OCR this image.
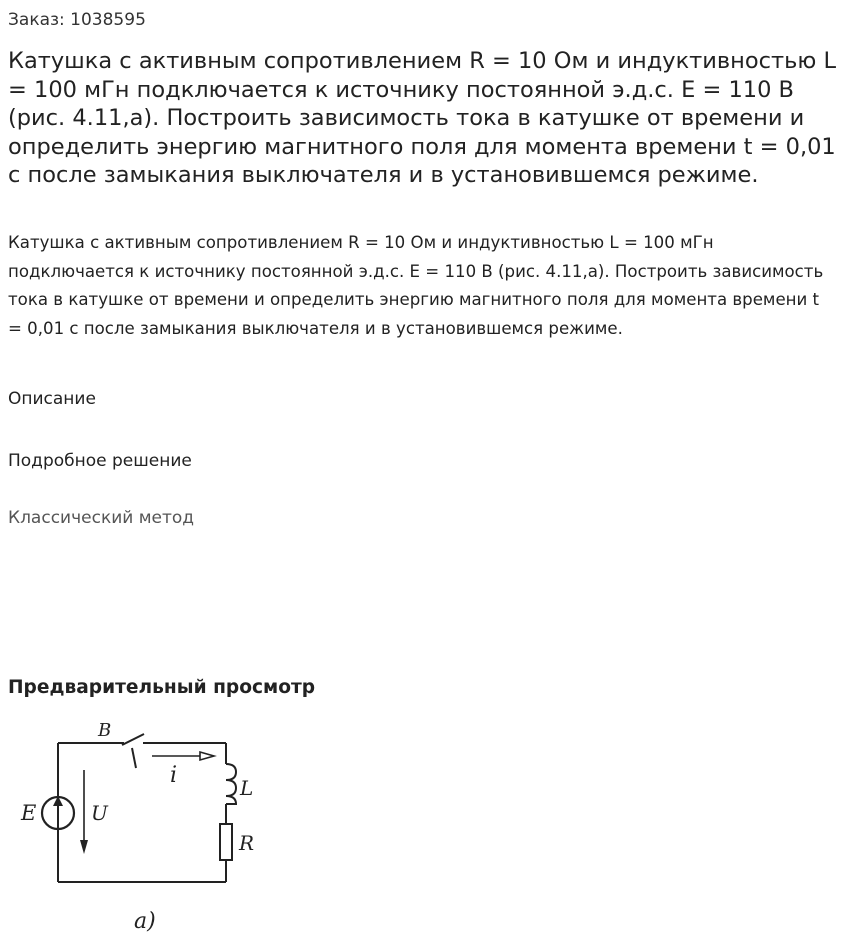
Заказ: 1038595
Катушка с активным сопротивлением R = 10 Ом и индуктивностью L = 100 мГн подключается к источнику постоянной э.д.с. Е = 110 В (рис. 4.11,а). Построить зависимость тока в катушке от времени и определить энергию магнитного поля для момента времени t = 0,01 с после замыкания выключателя и в установившемся режиме.

Катушка с активным сопротивлением R = 10 Ом и индуктивностью L = 100 мГн подключается к источнику постоянной э.д.с. Е = 110 В (рис. 4.11,а). Построить зависимость тока в катушке от времени и определить энергию магнитного поля для момента времени t = 0,01 с после замыкания выключателя и в установившемся режиме.

Описание
Подробное решение
Классический метод
Предварительный просмотр
B
i	L
E	U
R
a)
